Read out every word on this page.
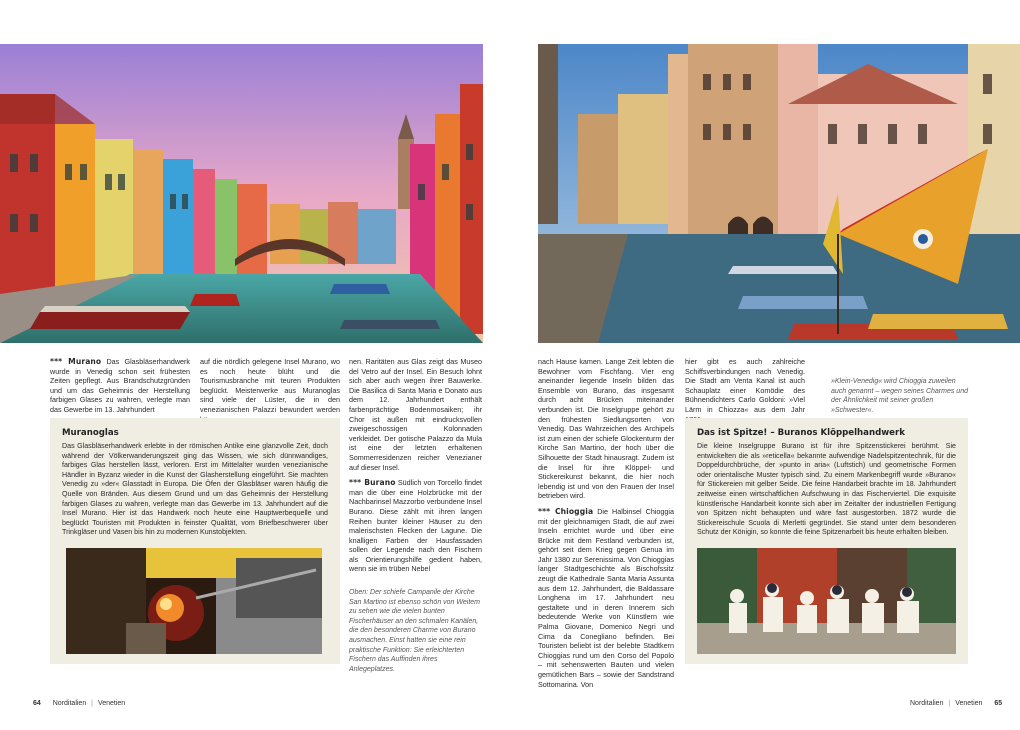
*** Murano Das Glasbläserhandwerk wurde in Venedig schon seit frühesten Zeiten gepflegt. Aus Brandschutzgründen und um das Geheimnis der Herstellung farbigen Glases zu wahren, verlegte man das Gewerbe im 13. Jahrhundert

auf die nördlich gelegene Insel Murano, wo es noch heute blüht und die Tourismusbranche mit teuren Produkten beglückt. Meisterwerke aus Muranoglas sind viele der Lüster, die in den venezianischen Palazzi bewundert werden

nen. Raritäten aus Glas zeigt das Museo del Vetro auf der Insel. Ein Besuch lohnt sich aber auch wegen ihrer Bauwerke. Die Basilica di Santa Maria e Donato aus dem 12. Jahrhundert enthält farbenprächtige Bodenmosaiken; ihr Chor ist außen mit eindrucksvollen zweigeschossigen Kolonnaden verkleidet. Der gotische Palazzo da Mula ist eine der letzten erhaltenen Sommerresidenzen reicher Venezianer auf dieser Insel.

*** Burano Südlich von Torcello findet man die über eine Holzbrücke mit der Nachbarinsel Mazzorbo verbundene Insel Burano. Diese zählt mit ihren langen Reihen bunter kleiner Häuser zu den malerischsten Flecken der Lagune. Die knalligen Farben der Hausfassaden sollen der Legende nach den Fischern als Orientierungshilfe gedient haben, wenn sie im trüben Nebel

Oben: Der schiefe Campanile der Kirche San Martino ist ebenso schön von Weitem zu sehen wie die vielen bunten Fischerhäuser an den schmalen Kanälen, die den besonderen Charme von Burano ausmachen. Einst hatten sie eine rein praktische Funktion: Sie erleichterten Fischern das Auffinden ihres Anlegeplatzes.

Muranoglas
Das Glasbläserhandwerk erlebte in der römischen Antike eine glanzvolle Zeit, doch während der Völkerwanderungszeit ging das Wissen, wie sich dünnwandiges, farbiges Glas herstellen lässt, verloren. Erst im Mittelalter wurden venezianische Händler in Byzanz wieder in die Kunst der Glasherstellung eingeführt. Sie machten Venedig zu »der« Glasstadt in Europa. Die Öfen der Glasbläser waren häufig die Quelle von Bränden. Aus diesem Grund und um das Geheimnis der Herstellung farbigen Glases zu wahren, verlegte man das Gewerbe im 13. Jahrhundert auf die Insel Murano. Hier ist das Handwerk noch heute eine Hauptwerbequelle und beglückt Touristen mit Produkten in feinster Qualität, vom Briefbeschwerer über Trinkgläser und Vasen bis hin zu modernen Kunstobjekten.
64 Norditalien | Venetien

nach Hause kamen. Lange Zeit lebten die Bewohner vom Fischfang. Vier eng aneinander liegende Inseln bilden das Ensemble von Burano, das insgesamt durch acht Brücken miteinander verbunden ist. Die Inselgruppe gehört zu den frühesten Siedlungsorten von Venedig. Das Wahrzeichen des Archipels ist zum einen der schiefe Glockenturm der Kirche San Martino, der hoch über die Silhouette der Stadt hinausragt. Zudem ist die Insel für ihre Klöppel- und Stickereikunst bekannt, die hier noch lebendig ist und von den Frauen der Insel betrieben wird.

*** Chioggia Die Halbinsel Chioggia mit der gleichnamigen Stadt, die auf zwei Inseln errichtet wurde und über eine Brücke mit dem Festland verbunden ist, gehört seit dem Krieg gegen Genua im Jahr 1380 zur Serenissima. Von Chioggias langer Stadtgeschichte als Bischofssitz zeugt die Kathedrale Santa Maria Assunta aus dem 12. Jahrhundert, die Baldassare Longhena im 17. Jahrhundert neu gestaltete und in deren Innerem sich bedeutende Werke von Künstlern wie Palma Giovane, Domenico Negri und Cima da Conegliano befinden. Bei Touristen beliebt ist der belebte Stadtkern Chioggias rund um den Corso del Popolo – mit sehenswerten Bauten und vielen gemütlichen Bars – sowie der Sandstrand Sottomarina. Von

hier gibt es auch zahlreiche Schiffsverbindungen nach Venedig. Die Stadt am Venta Kanal ist auch Schauplatz einer Komödie des Bühnendichters Carlo Goldoni: »Viel Lärm in Chiozza« aus dem Jahr

»Klein-Venedig« wird Chioggia zuweilen auch genannt – wegen seines Charmes und der Ähnlichkeit mit seiner großen »Schwester«.
Das ist Spitze! – Buranos Klöppelhandwerk
Die kleine Inselgruppe Burano ist für ihre Spitzenstickerei berühmt. Sie entwickelten die als »reticella« bekannte aufwendige Nadelspitzentechnik, für die Doppeldurchbrüche, der »punto in aria« (Luftstich) und geometrische Formen oder orientalische Muster typisch sind. Zu einem Markenbegriff wurde »Burano« für Stickereien mit gelber Seide. Die feine Handarbeit brachte im 18. Jahrhundert zeitweise einen wirtschaftlichen Aufschwung in das Fischerviertel. Die exquisite künstlerische Handarbeit konnte sich aber im Zeitalter der industriellen Fertigung von Spitzen nicht behaupten und wäre fast ausgestorben. 1872 wurde die Stickereischule Scuola di Merletti gegründet. Sie stand unter dem besonderen Schutz der Königin, so konnte die feine Spitzenarbeit bis heute erhalten bleiben.
Norditalien | Venetien 65
